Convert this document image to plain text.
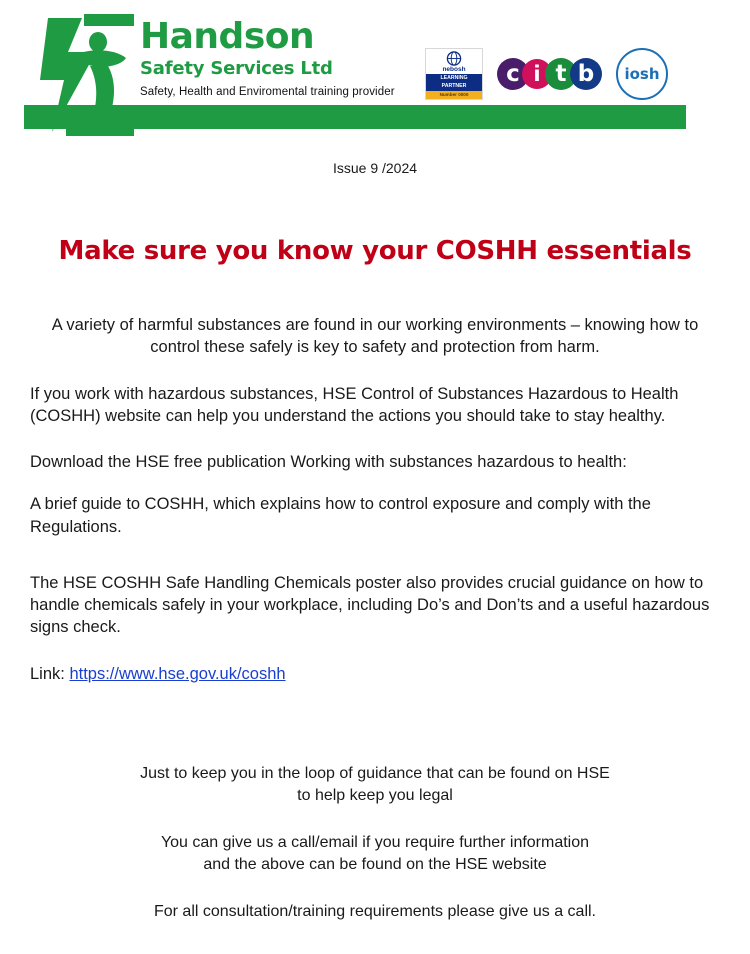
Handson
Safety Services Ltd
Safety, Health and Enviromental training provider
nebosh
LEARNING
PARTNER
Number 0000
c i t b	iosh
Issue 9 /2024
Make sure you know your COSHH essentials
A variety of harmful substances are found in our working environments – knowing how to control these safely is key to safety and protection from harm.
If you work with hazardous substances, HSE Control of Substances Hazardous to Health (COSHH) website can help you understand the actions you should take to stay healthy.
Download the HSE free publication Working with substances hazardous to health:
A brief guide to COSHH, which explains how to control exposure and comply with the Regulations.
The HSE COSHH Safe Handling Chemicals poster also provides crucial guidance on how to handle chemicals safely in your workplace, including Do’s and Don’ts and a useful hazardous signs check.
Link: https://www.hse.gov.uk/coshh
Just to keep you in the loop of guidance that can be found on HSE
to help keep you legal
You can give us a call/email if you require further information
and the above can be found on the HSE website
For all consultation/training requirements please give us a call.
